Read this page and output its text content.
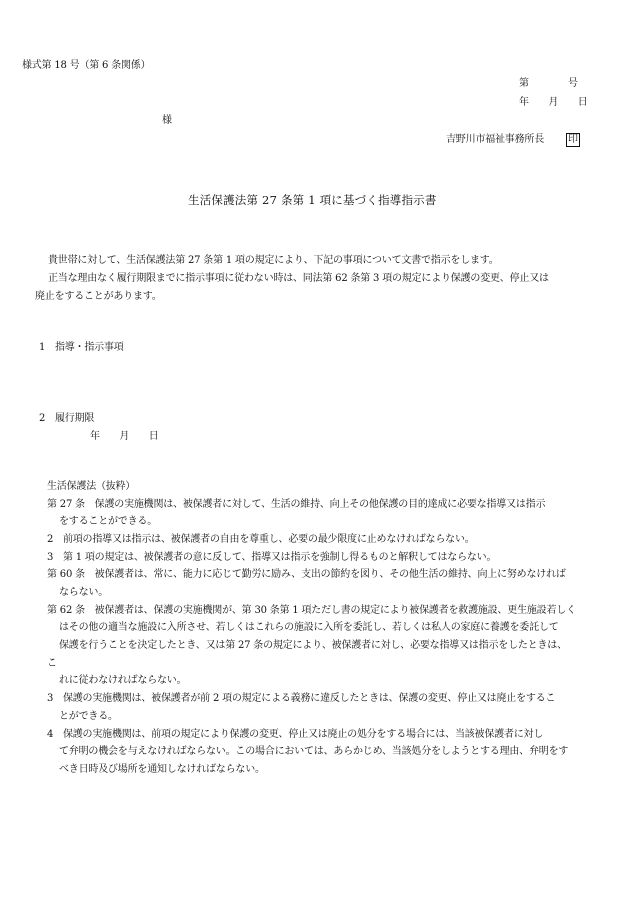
様式第 18 号（第 6 条関係）
第　　　　号
年　　月　　日
様
吉野川市福祉事務所長 印
生活保護法第 27 条第 1 項に基づく指導指示書
貴世帯に対して、生活保護法第 27 条第 1 項の規定により、下記の事項について文書で指示をします。
正当な理由なく履行期限までに指示事項に従わない時は、同法第 62 条第 3 項の規定により保護の変更、停止又は
廃止をすることがあります。
1　指導・指示事項
2　履行期限
年　　月　　日
生活保護法（抜粋）
第 27 条　保護の実施機関は、被保護者に対して、生活の維持、向上その他保護の目的達成に必要な指導又は指示
をすることができる。
2　前項の指導又は指示は、被保護者の自由を尊重し、必要の最少限度に止めなければならない。
3　第 1 項の規定は、被保護者の意に反して、指導又は指示を強制し得るものと解釈してはならない。
第 60 条　被保護者は、常に、能力に応じて勤労に励み、支出の節約を図り、その他生活の維持、向上に努めなければ
ならない。
第 62 条　被保護者は、保護の実施機関が、第 30 条第 1 項ただし書の規定により被保護者を救護施設、更生施設若しく
はその他の適当な施設に入所させ、若しくはこれらの施設に入所を委託し、若しくは私人の家庭に養護を委託して
保護を行うことを決定したとき、又は第 27 条の規定により、被保護者に対し、必要な指導又は指示をしたときは、
こ
れに従わなければならない。
3　保護の実施機関は、被保護者が前 2 項の規定による義務に違反したときは、保護の変更、停止又は廃止をするこ
とができる。
4　保護の実施機関は、前項の規定により保護の変更、停止又は廃止の処分をする場合には、当該被保護者に対し
て弁明の機会を与えなければならない。この場合においては、あらかじめ、当該処分をしようとする理由、弁明をす
べき日時及び場所を通知しなければならない。
